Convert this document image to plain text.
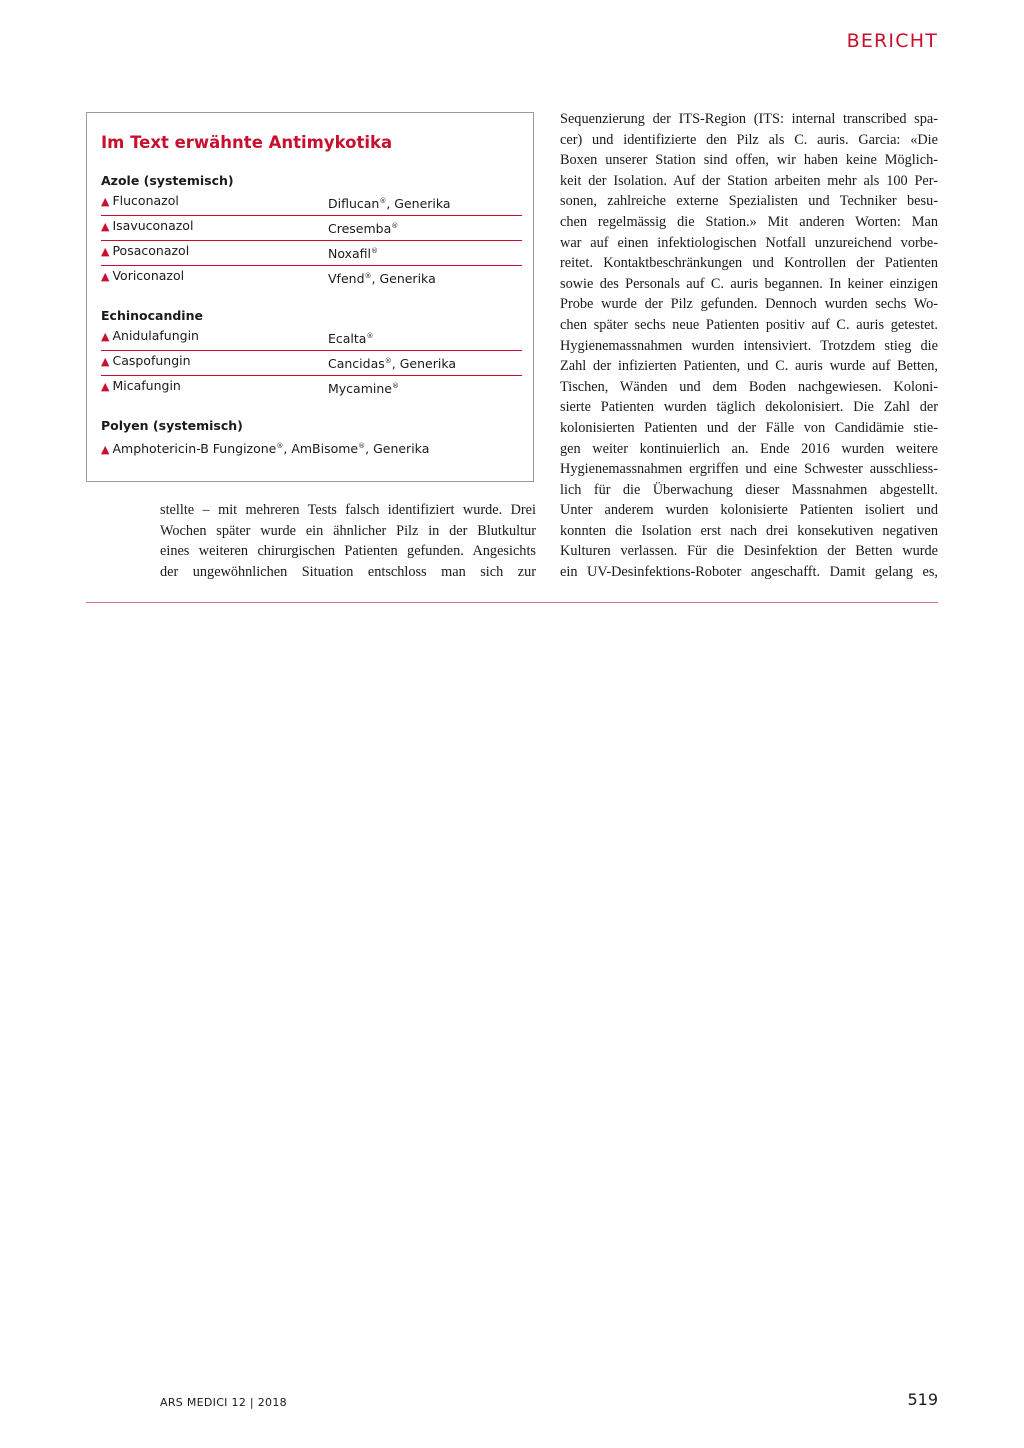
BERICHT
Im Text erwähnte Antimykotika
Azole (systemisch)
▲ Fluconazol	Diflucan®, Generika
▲ Isavuconazol	Cresemba®
▲ Posaconazol	Noxafil®
▲ Voriconazol	Vfend®, Generika
Echinocandine
▲ Anidulafungin	Ecalta®
▲ Caspofungin	Cancidas®, Generika
▲ Micafungin	Mycamine®
Polyen (systemisch)
▲ Amphotericin-B Fungizone®, AmBisome®, Generika
stellte – mit mehreren Tests falsch identifiziert wurde. Drei
Wochen später wurde ein ähnlicher Pilz in der Blutkultur
eines weiteren chirurgischen Patienten gefunden. Angesichts
der ungewöhnlichen Situation entschloss man sich zur
Sequenzierung der ITS-Region (ITS: internal transcribed spa-
cer) und identifizierte den Pilz als C. auris. Garcia: «Die
Boxen unserer Station sind offen, wir haben keine Möglich-
keit der Isolation. Auf der Station arbeiten mehr als 100 Per-
sonen, zahlreiche externe Spezialisten und Techniker besu-
chen regelmässig die Station.» Mit anderen Worten: Man
war auf einen infektiologischen Notfall unzureichend vorbe-
reitet. Kontaktbeschränkungen und Kontrollen der Patienten
sowie des Personals auf C. auris begannen. In keiner einzigen
Probe wurde der Pilz gefunden. Dennoch wurden sechs Wo-
chen später sechs neue Patienten positiv auf C. auris getestet.
Hygienemassnahmen wurden intensiviert. Trotzdem stieg die
Zahl der infizierten Patienten, und C. auris wurde auf Betten,
Tischen, Wänden und dem Boden nachgewiesen. Koloni-
sierte Patienten wurden täglich dekolonisiert. Die Zahl der
kolonisierten Patienten und der Fälle von Candidämie stie-
gen weiter kontinuierlich an. Ende 2016 wurden weitere
Hygienemassnahmen ergriffen und eine Schwester ausschliess-
lich für die Überwachung dieser Massnahmen abgestellt.
Unter anderem wurden kolonisierte Patienten isoliert und
konnten die Isolation erst nach drei konsekutiven negativen
Kulturen verlassen. Für die Desinfektion der Betten wurde
ein UV-Desinfektions-Roboter angeschafft. Damit gelang es,
ARS MEDICI 12 | 2018	519
